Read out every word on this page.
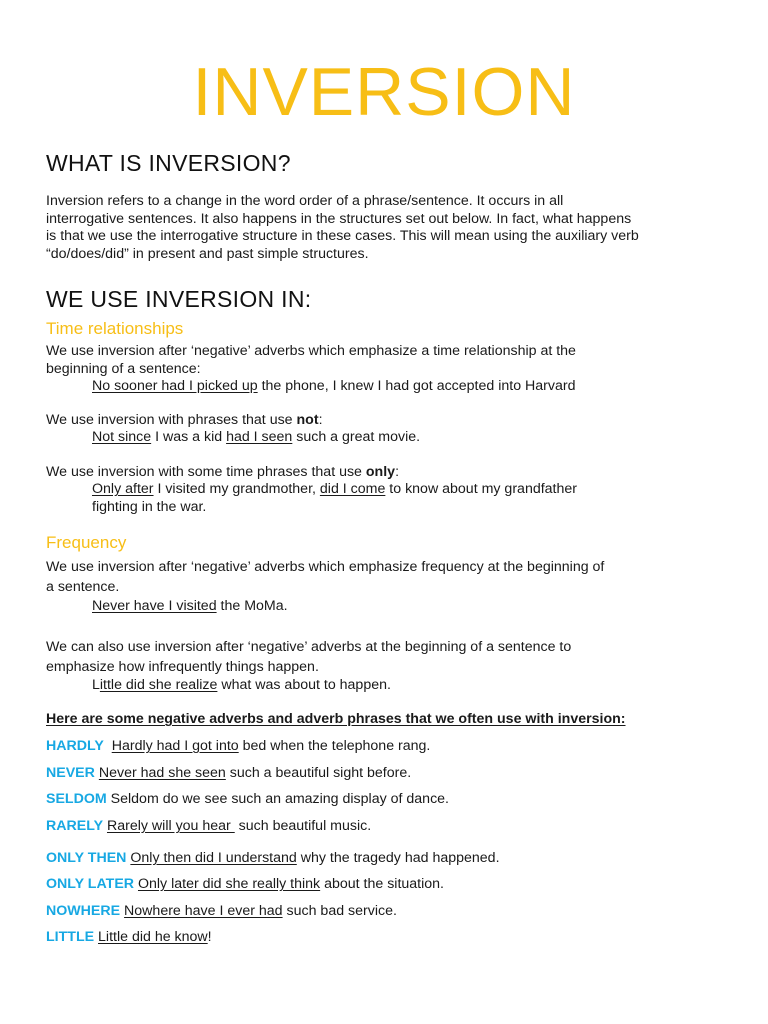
INVERSION
WHAT IS INVERSION?
Inversion refers to a change in the word order of a phrase/sentence. It occurs in all
interrogative sentences. It also happens in the structures set out below. In fact, what happens
is that we use the interrogative structure in these cases. This will mean using the auxiliary verb
“do/does/did” in present and past simple structures.
WE USE INVERSION IN:
Time relationships
We use inversion after ‘negative’ adverbs which emphasize a time relationship at the
beginning of a sentence:
No sooner had I picked up the phone, I knew I had got accepted into Harvard
We use inversion with phrases that use not:
Not since I was a kid had I seen such a great movie.
We use inversion with some time phrases that use only:
Only after I visited my grandmother, did I come to know about my grandfather
fighting in the war.
Frequency
We use inversion after ‘negative’ adverbs which emphasize frequency at the beginning of
a sentence.
Never have I visited the MoMa.
We can also use inversion after ‘negative’ adverbs at the beginning of a sentence to
emphasize how infrequently things happen.
Little did she realize what was about to happen.
Here are some negative adverbs and adverb phrases that we often use with inversion:
HARDLY Hardly had I got into bed when the telephone rang.
NEVER Never had she seen such a beautiful sight before.
SELDOM Seldom do we see such an amazing display of dance.
RARELY Rarely will you hear  such beautiful music.
ONLY THEN Only then did I understand why the tragedy had happened.
ONLY LATER Only later did she really think about the situation.
NOWHERE Nowhere have I ever had such bad service.
LITTLE Little did he know!
